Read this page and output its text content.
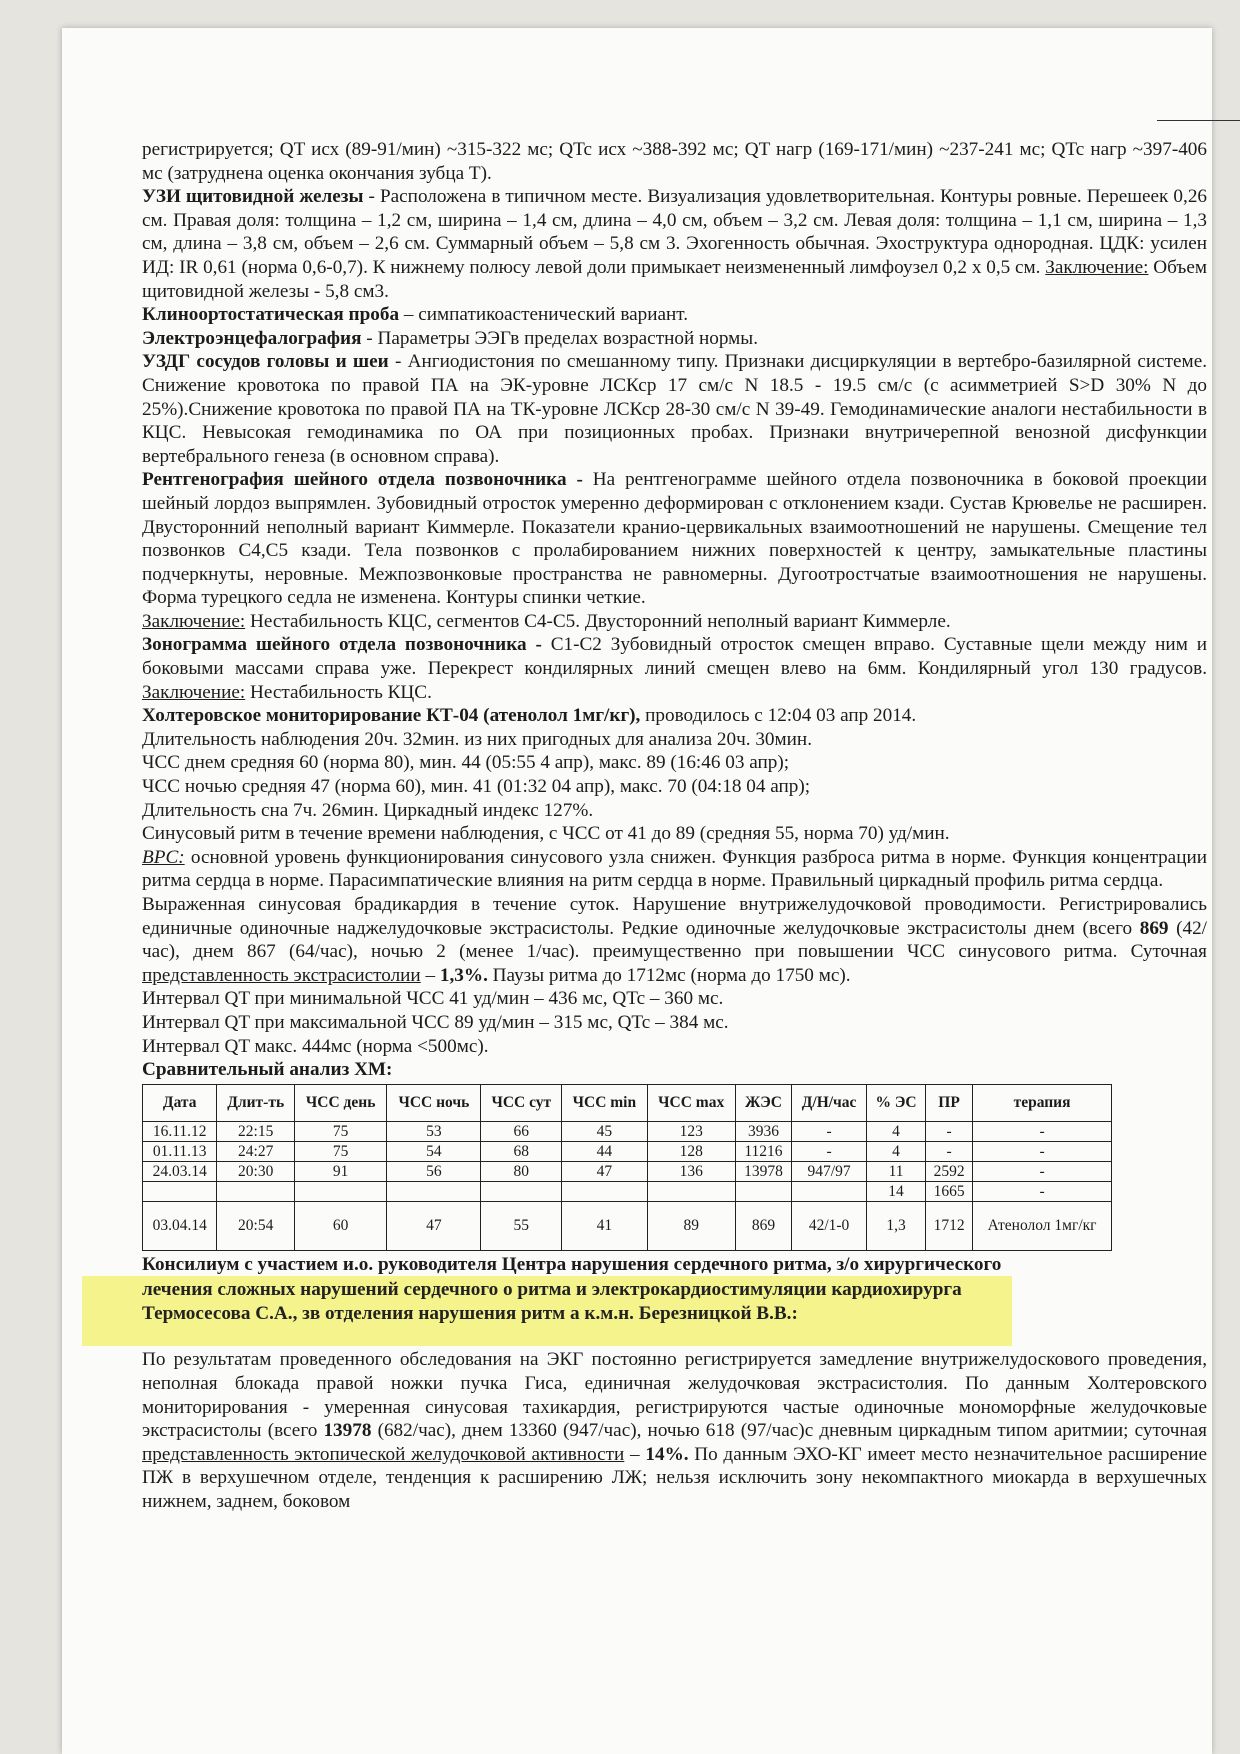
регистрируется; QT исх (89-91/мин) ~315-322 мс; QTc исх ~388-392 мс; QT нагр (169-171/мин) ~237-241 мс; QTc нагр ~397-406 мс (затруднена оценка окончания зубца T).

УЗИ щитовидной железы - Расположена в типичном месте. Визуализация удовлетворительная. Контуры ровные. Перешеек 0,26 см. Правая доля: толщина – 1,2 см, ширина – 1,4 см, длина – 4,0 см, объем – 3,2 см. Левая доля: толщина – 1,1 см, ширина – 1,3 см, длина – 3,8 см, объем – 2,6 см. Суммарный объем – 5,8 см 3. Эхогенность обычная. Эхоструктура однородная. ЦДК: усилен ИД: IR 0,61 (норма 0,6-0,7). К нижнему полюсу левой доли примыкает неизмененный лимфоузел 0,2 х 0,5 см. Заключение: Объем щитовидной железы - 5,8 см3.

Клиноортостатическая проба – симпатикоастенический вариант.

Электроэнцефалография - Параметры ЭЭГв пределах возрастной нормы.

УЗДГ сосудов головы и шеи - Ангиодистония по смешанному типу. Признаки дисциркуляции в вертебро-базилярной системе. Снижение кровотока по правой ПА на ЭК-уровне ЛСКср 17 см/с N 18.5 - 19.5 см/с (с асимметрией S>D 30% N до 25%).Снижение кровотока по правой ПА на ТК-уровне ЛСКср 28-30 см/с N 39-49. Гемодинамические аналоги нестабильности в КЦС. Невысокая гемодинамика по ОА при позиционных пробах. Признаки внутричерепной венозной дисфункции вертебрального генеза (в основном справа).

Рентгенография шейного отдела позвоночника - На рентгенограмме шейного отдела позвоночника в боковой проекции шейный лордоз выпрямлен. Зубовидный отросток умеренно деформирован с отклонением кзади. Сустав Крювелье не расширен. Двусторонний неполный вариант Киммерле. Показатели кранио-цервикальных взаимоотношений не нарушены. Смещение тел позвонков С4,С5 кзади. Тела позвонков с пролабированием нижних поверхностей к центру, замыкательные пластины подчеркнуты, неровные. Межпозвонковые пространства не равномерны. Дугоотростчатые взаимоотношения не нарушены. Форма турецкого седла не изменена. Контуры спинки четкие.

Заключение: Нестабильность КЦС, сегментов С4-С5. Двусторонний неполный вариант Киммерле.

Зонограмма шейного отдела позвоночника - С1-С2 Зубовидный отросток смещен вправо. Суставные щели между ним и боковыми массами справа уже. Перекрест кондилярных линий смещен влево на 6мм. Кондилярный угол 130 градусов. Заключение: Нестабильность КЦС.

Холтеровское мониторирование КТ-04 (атенолол 1мг/кг), проводилось с 12:04 03 апр 2014.

Длительность наблюдения 20ч. 32мин. из них пригодных для анализа 20ч. 30мин.

ЧСС днем средняя 60 (норма 80), мин. 44 (05:55 4 апр), макс. 89 (16:46 03 апр);

ЧСС ночью средняя 47 (норма 60), мин. 41 (01:32 04 апр), макс. 70 (04:18 04 апр);

Длительность сна 7ч. 26мин. Циркадный индекс 127%.

Синусовый ритм в течение времени наблюдения, с ЧСС от 41 до 89 (средняя 55, норма 70) уд/мин.

ВРС: основной уровень функционирования синусового узла снижен. Функция разброса ритма в норме. Функция концентрации ритма сердца в норме. Парасимпатические влияния на ритм сердца в норме. Правильный циркадный профиль ритма сердца.

Выраженная синусовая брадикардия в течение суток. Нарушение внутрижелудочковой проводимости. Регистрировались единичные одиночные наджелудочковые экстрасистолы. Редкие одиночные желудочковые экстрасистолы днем (всего 869 (42/час), днем 867 (64/час), ночью 2 (менее 1/час). преимущественно при повышении ЧСС синусового ритма. Суточная представленность экстрасистолии – 1,3%. Паузы ритма до 1712мс (норма до 1750 мс).

Интервал QT при минимальной ЧСС 41 уд/мин – 436 мс, QTc – 360 мс.

Интервал QT при максимальной ЧСС 89 уд/мин – 315 мс, QTc – 384 мс.

Интервал QT макс. 444мс (норма <500мс).

Сравнительный анализ ХМ:

Дата	Длит-ть	ЧСС день	ЧСС ночь	ЧСС сут	ЧСС min	ЧСС max	ЖЭС	Д/Н/час	% ЭС	ПР	терапия
16.11.12	22:15	75	53	66	45	123	3936	-	4	-	-
01.11.13	24:27	75	54	68	44	128	11216	-	4	-	-
24.03.14	20:30	91	56	80	47	136	13978	947/97	11	2592	-
									14	1665	-
03.04.14	20:54	60	47	55	41	89	869	42/1-0	1,3	1712	Атенолол 1мг/кг

Консилиум с участием и.о. руководителя Центра нарушения сердечного ритма, з/о хирургического

лечения сложных нарушений сердечного о ритма и электрокардиостимуляции кардиохирурга
Термосесова С.А., зв отделения нарушения ритм а к.м.н. Березницкой В.В.:

По результатам проведенного обследования на ЭКГ постоянно регистрируется замедление внутрижелудоскового проведения, неполная блокада правой ножки пучка Гиса, единичная желудочковая экстрасистолия. По данным Холтеровского мониторирования - умеренная синусовая тахикардия, регистрируются частые одиночные мономорфные желудочковые экстрасистолы (всего 13978 (682/час), днем 13360 (947/час), ночью 618 (97/час)с дневным циркадным типом аритмии; суточная представленность эктопической желудочковой активности – 14%. По данным ЭХО-КГ имеет место незначительное расширение ПЖ в верхушечном отделе, тенденция к расширению ЛЖ; нельзя исключить зону некомпактного миокарда в верхушечных нижнем, заднем, боковом
